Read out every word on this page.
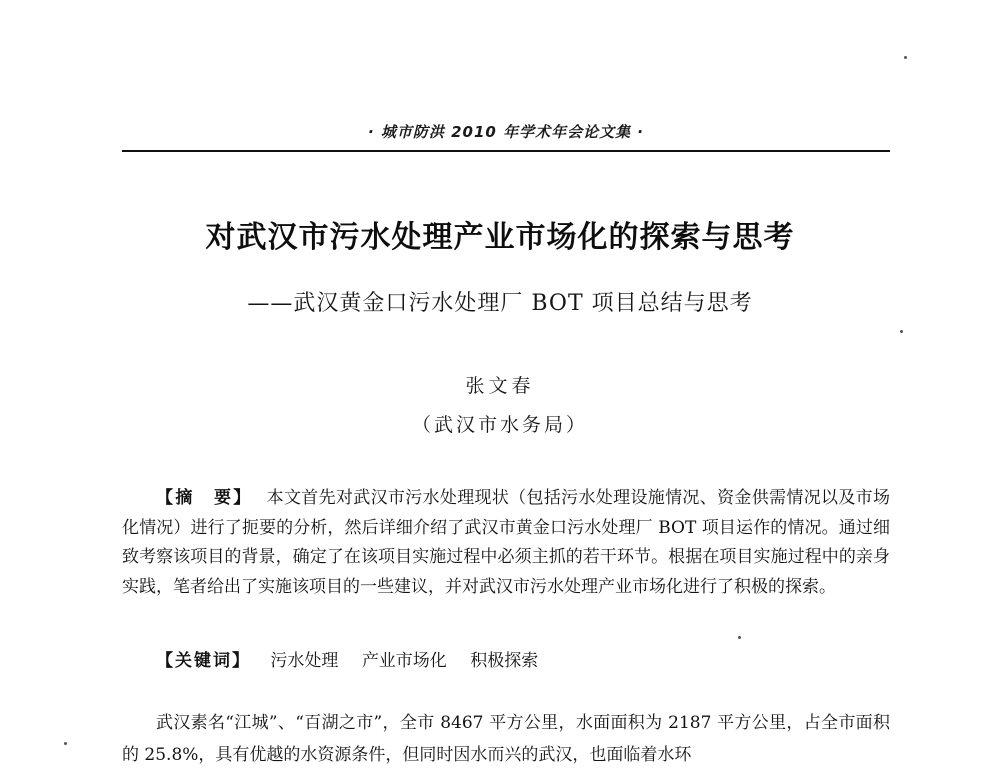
· 城市防洪 2010 年学术年会论文集 ·
对武汉市污水处理产业市场化的探索与思考
——武汉黄金口污水处理厂 BOT 项目总结与思考
张文春
（武汉市水务局）
【摘　要】 本文首先对武汉市污水处理现状（包括污水处理设施情况、资金供需情况以及市场化情况）进行了扼要的分析，然后详细介绍了武汉市黄金口污水处理厂 BOT 项目运作的情况。通过细致考察该项目的背景，确定了在该项目实施过程中必须主抓的若干环节。根据在项目实施过程中的亲身实践，笔者给出了实施该项目的一些建议，并对武汉市污水处理产业市场化进行了积极的探索。
【关键词】 污水处理 产业市场化 积极探索
武汉素名“江城”、“百湖之市”，全市 8467 平方公里，水面面积为 2187 平方公里，占全市面积的 25.8%，具有优越的水资源条件，但同时因水而兴的武汉，也面临着水环
